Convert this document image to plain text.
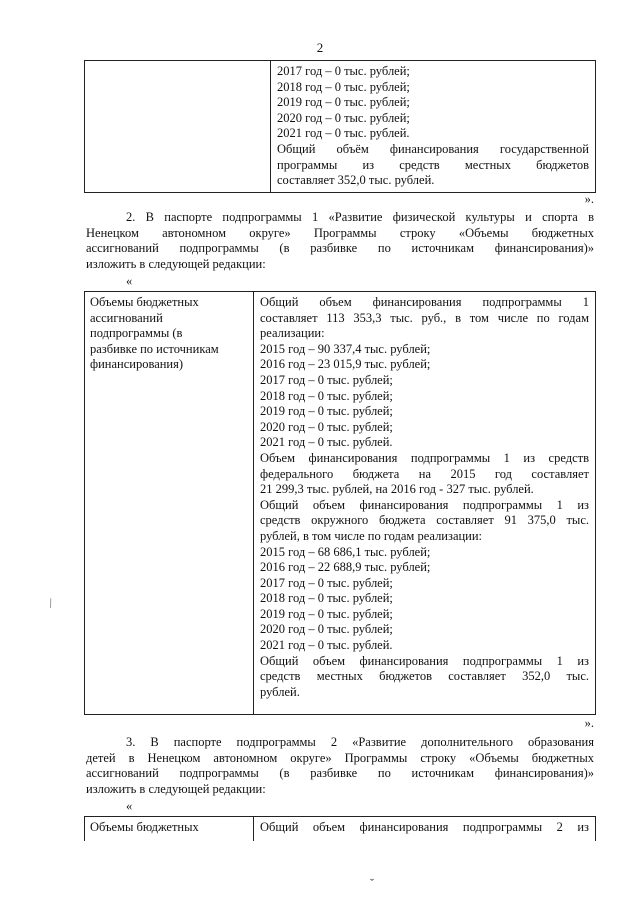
2
2017 год – 0 тыс. рублей;
2018 год – 0 тыс. рублей;
2019 год – 0 тыс. рублей;
2020 год – 0 тыс. рублей;
2021 год – 0 тыс. рублей.
Общий объём финансирования государственной
программы из средств местных бюджетов
составляет 352,0 тыс. рублей.
».
2. В паспорте подпрограммы 1 «Развитие физической культуры и спорта в
Ненецком автономном округе» Программы строку «Объемы бюджетных
ассигнований подпрограммы (в разбивке по источникам финансирования)»
изложить в следующей редакции:
«
Объемы бюджетных
ассигнований
подпрограммы (в
разбивке по источникам
финансирования)
Общий объем финансирования подпрограммы 1
составляет 113 353,3 тыс. руб., в том числе по годам
реализации:
2015 год – 90 337,4 тыс. рублей;
2016 год – 23 015,9 тыс. рублей;
2017 год – 0 тыс. рублей;
2018 год – 0 тыс. рублей;
2019 год – 0 тыс. рублей;
2020 год – 0 тыс. рублей;
2021 год – 0 тыс. рублей.
Объем финансирования подпрограммы 1 из средств
федерального бюджета на 2015 год составляет
21 299,3 тыс. рублей, на 2016 год - 327 тыс. рублей.
Общий объем финансирования подпрограммы 1 из
средств окружного бюджета составляет 91 375,0 тыс.
рублей, в том числе по годам реализации:
2015 год – 68 686,1 тыс. рублей;
2016 год – 22 688,9 тыс. рублей;
2017 год – 0 тыс. рублей;
2018 год – 0 тыс. рублей;
2019 год – 0 тыс. рублей;
2020 год – 0 тыс. рублей;
2021 год – 0 тыс. рублей.
Общий объем финансирования подпрограммы 1 из
средств местных бюджетов составляет 352,0 тыс.
рублей.
».
3. В паспорте подпрограммы 2 «Развитие дополнительного образования
детей в Ненецком автономном округе» Программы строку «Объемы бюджетных
ассигнований подпрограммы (в разбивке по источникам финансирования)»
изложить в следующей редакции:
«
Объемы бюджетных	Общий объем финансирования подпрограммы 2 из
⁄
ˇ
